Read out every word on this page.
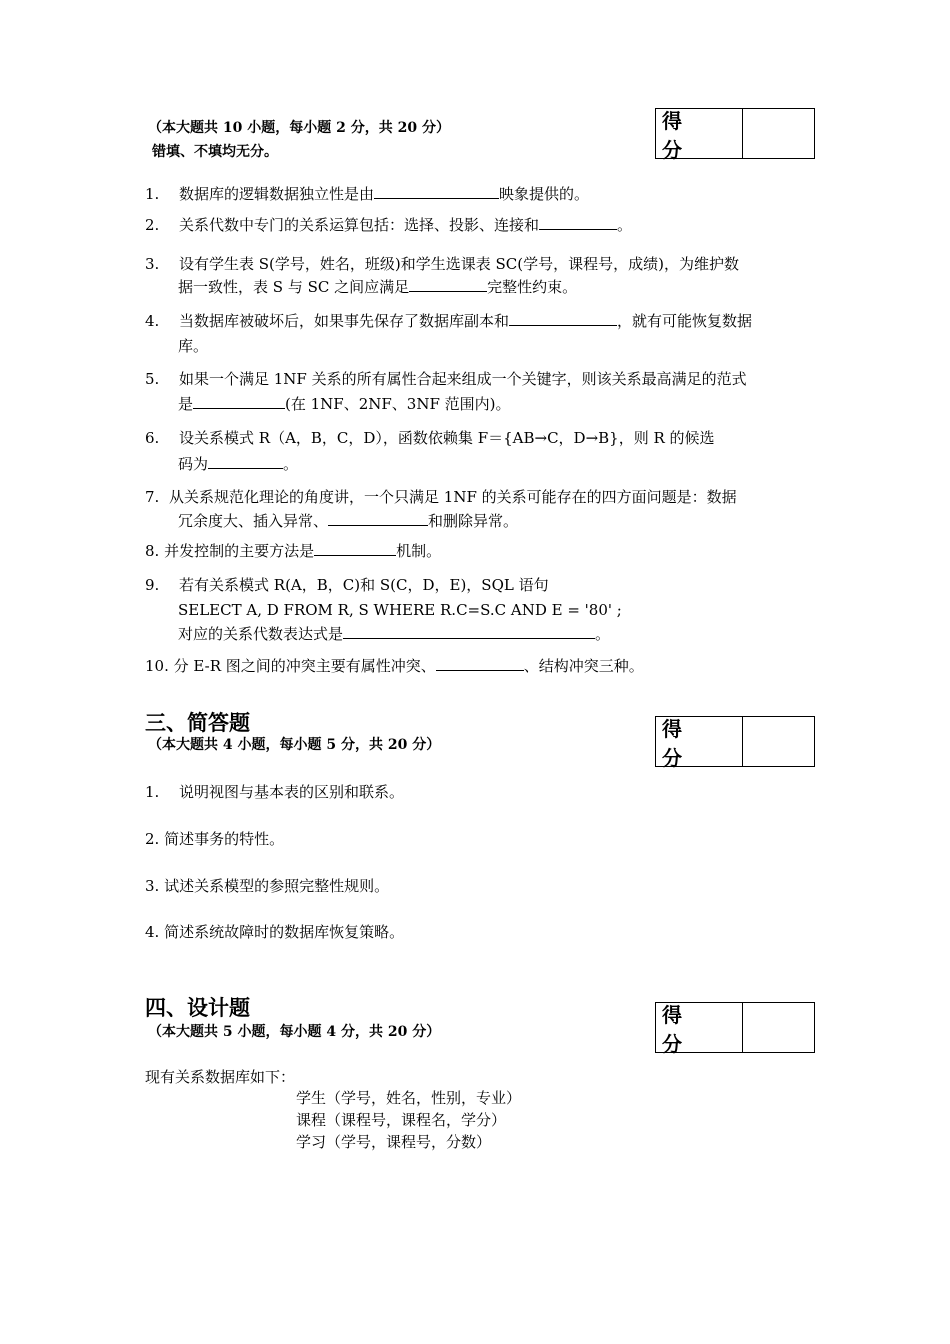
（本大题共 10 小题，每小题 2 分，共 20 分）
错填、不填均无分。
得 分
1. 数据库的逻辑数据独立性是由	映象提供的。
2. 关系代数中专门的关系运算包括：选择、投影、连接和	。
3. 设有学生表 S(学号，姓名，班级)和学生选课表 SC(学号，课程号，成绩)，为维护数
据一致性，表 S 与 SC 之间应满足	完整性约束。
4. 当数据库被破坏后，如果事先保存了数据库副本和	，就有可能恢复数据
库。
5. 如果一个满足 1NF 关系的所有属性合起来组成一个关键字，则该关系最高满足的范式
是	(在 1NF、2NF、3NF 范围内)。
6. 设关系模式 R（A，B，C，D），函数依赖集 F＝{AB→C，D→B}，则 R 的候选
码为	。
7. 从关系规范化理论的角度讲，一个只满足 1NF 的关系可能存在的四方面问题是：数据
冗余度大、插入异常、	和删除异常。
8. 并发控制的主要方法是	机制。
9. 若有关系模式 R(A，B，C)和 S(C，D，E)，SQL 语句
SELECT A, D FROM R, S WHERE R.C=S.C AND E = '80' ;
对应的关系代数表达式是	。
10. 分 E-R 图之间的冲突主要有属性冲突、	、结构冲突三种。
三、简答题
（本大题共 4 小题，每小题 5 分，共 20 分）
得 分
1. 说明视图与基本表的区别和联系。
2. 简述事务的特性。
3. 试述关系模型的参照完整性规则。
4. 简述系统故障时的数据库恢复策略。
四、设计题
（本大题共 5 小题，每小题 4 分，共 20 分）
得 分
现有关系数据库如下：
学生（学号，姓名，性别，专业）
课程（课程号，课程名，学分）
学习（学号，课程号，分数）
